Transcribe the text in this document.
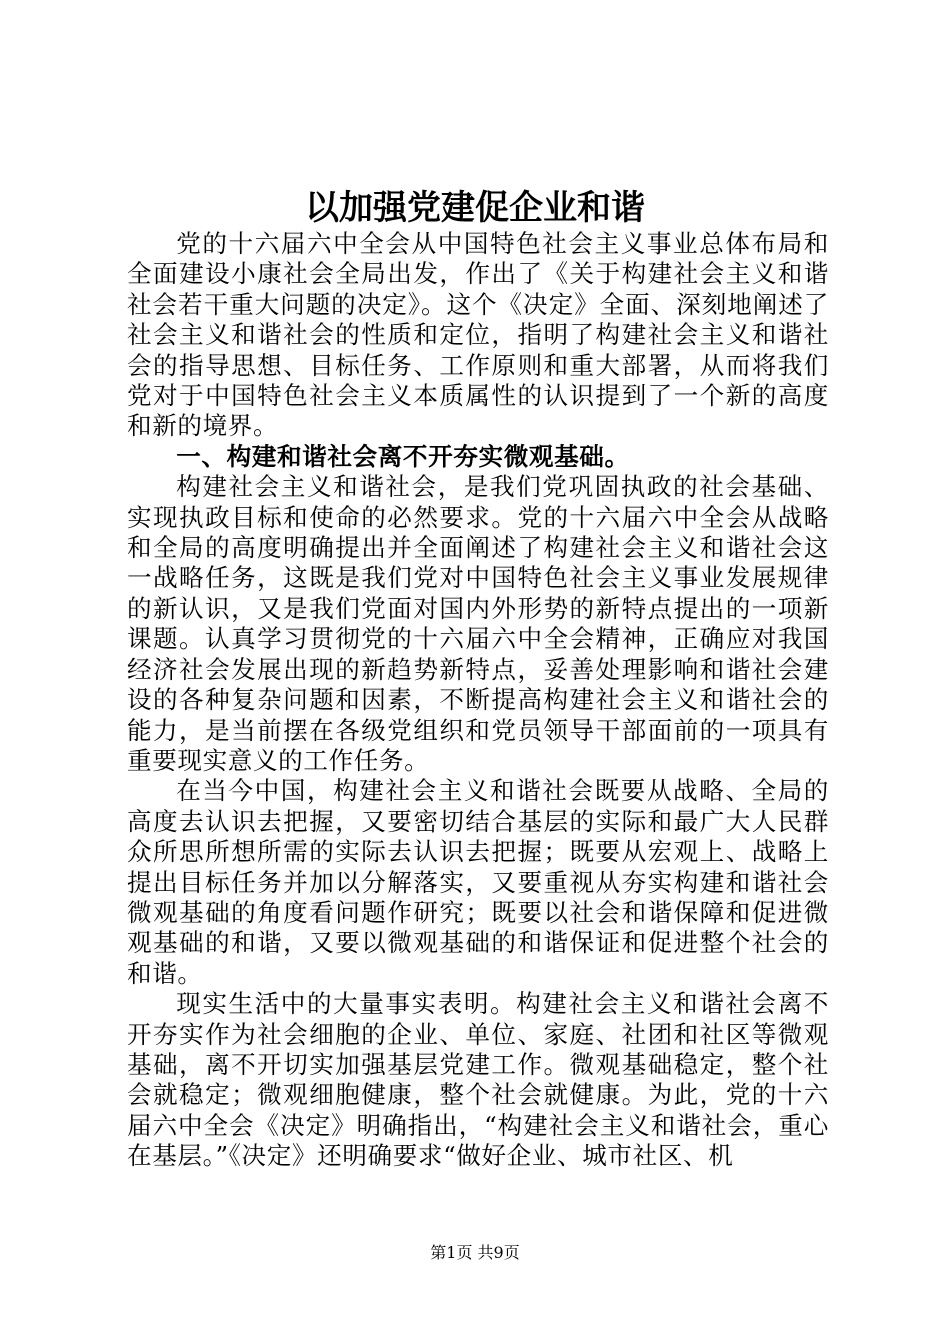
以加强党建促企业和谐

党的十六届六中全会从中国特色社会主义事业总体布局和全面建设小康社会全局出发，作出了《关于构建社会主义和谐社会若干重大问题的决定》。这个《决定》全面、深刻地阐述了社会主义和谐社会的性质和定位，指明了构建社会主义和谐社会的指导思想、目标任务、工作原则和重大部署，从而将我们党对于中国特色社会主义本质属性的认识提到了一个新的高度和新的境界。

一、构建和谐社会离不开夯实微观基础。

构建社会主义和谐社会，是我们党巩固执政的社会基础、实现执政目标和使命的必然要求。党的十六届六中全会从战略和全局的高度明确提出并全面阐述了构建社会主义和谐社会这一战略任务，这既是我们党对中国特色社会主义事业发展规律的新认识，又是我们党面对国内外形势的新特点提出的一项新课题。认真学习贯彻党的十六届六中全会精神，正确应对我国经济社会发展出现的新趋势新特点，妥善处理影响和谐社会建设的各种复杂问题和因素，不断提高构建社会主义和谐社会的能力，是当前摆在各级党组织和党员领导干部面前的一项具有重要现实意义的工作任务。

在当今中国，构建社会主义和谐社会既要从战略、全局的高度去认识去把握，又要密切结合基层的实际和最广大人民群众所思所想所需的实际去认识去把握；既要从宏观上、战略上提出目标任务并加以分解落实，又要重视从夯实构建和谐社会微观基础的角度看问题作研究；既要以社会和谐保障和促进微观基础的和谐，又要以微观基础的和谐保证和促进整个社会的和谐。

现实生活中的大量事实表明。构建社会主义和谐社会离不开夯实作为社会细胞的企业、单位、家庭、社团和社区等微观基础，离不开切实加强基层党建工作。微观基础稳定，整个社会就稳定；微观细胞健康，整个社会就健康。为此，党的十六届六中全会《决定》明确指出，“构建社会主义和谐社会，重心在基层。”《决定》还明确要求“做好企业、城市社区、机

第1页 共9页
